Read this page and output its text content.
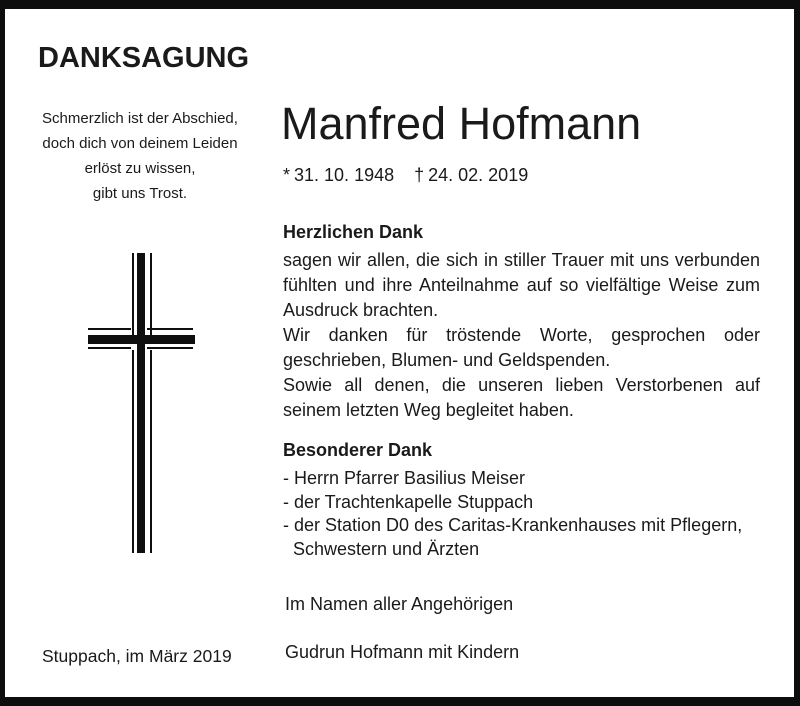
DANKSAGUNG
Schmerzlich ist der Abschied,
doch dich von deinem Leiden
erlöst zu wissen,
gibt uns Trost.
Manfred Hofmann
* 31. 10. 1948 † 24. 02. 2019
Herzlichen Dank
sagen wir allen, die sich in stiller Trauer mit uns verbunden
fühlten und ihre Anteilnahme auf so vielfältige Weise zum
Ausdruck brachten.
Wir danken für tröstende Worte, gesprochen oder
geschrieben, Blumen- und Geldspenden.
Sowie all denen, die unseren lieben Verstorbenen auf
seinem letzten Weg begleitet haben.
Besonderer Dank
- Herrn Pfarrer Basilius Meiser
- der Trachtenkapelle Stuppach
- der Station D0 des Caritas-Krankenhauses mit Pflegern,
Schwestern und Ärzten
Im Namen aller Angehörigen
Gudrun Hofmann mit Kindern
Stuppach, im März 2019
